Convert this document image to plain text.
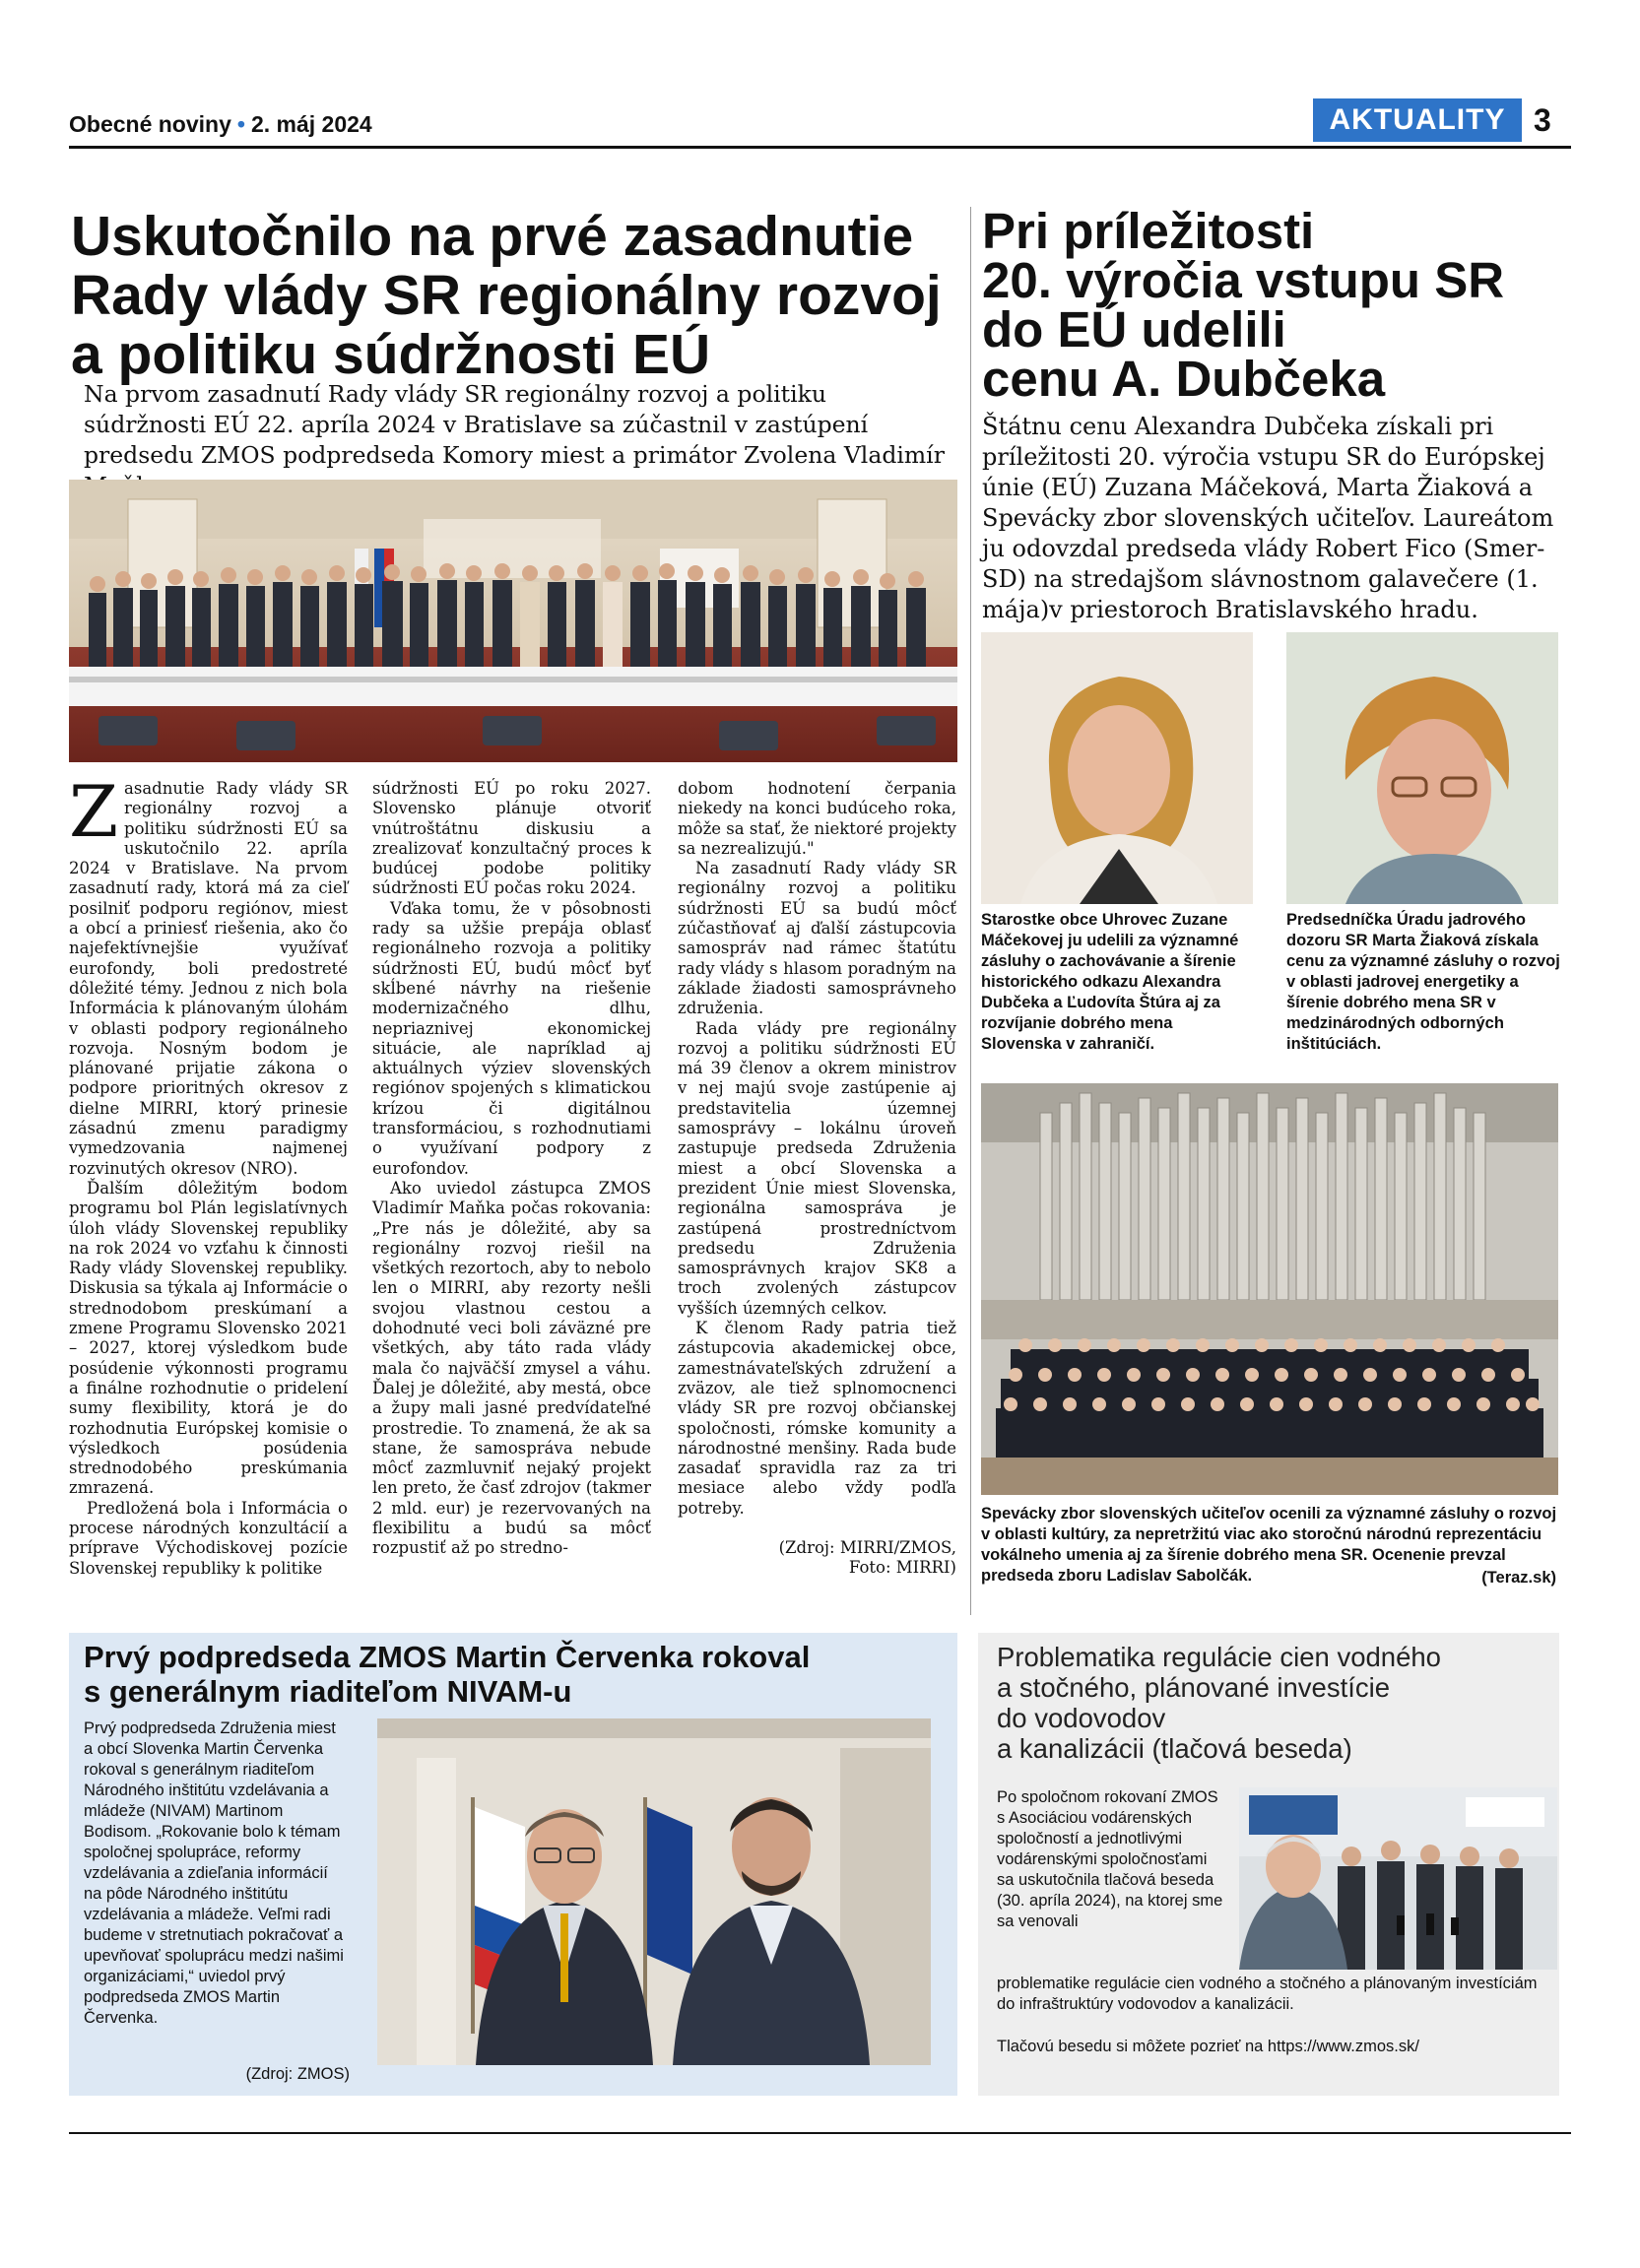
Obecné noviny • 2. máj 2024	AKTUALITY 3
Uskutočnilo na prvé zasadnutie
Rady vlády SR regionálny rozvoj
a politiku súdržnosti EÚ
Na prvom zasadnutí Rady vlády SR regionálny rozvoj a politiku súdržnosti EÚ 22. apríla 2024 v Bratislave sa zúčastnil v zastúpení predsedu ZMOS podpredseda Komory miest a primátor Zvolena Vladimír

Zasadnutie Rady vlády SR regionálny rozvoj a politiku súdržnosti EÚ sa uskutočnilo 22. apríla 2024 v Bratislave. Na prvom zasadnutí rady, ktorá má za cieľ posilniť podporu regiónov, miest a obcí a priniesť riešenia, ako čo najefektívnejšie využívať eurofondy, boli predostreté dôležité témy. Jednou z nich bola Informácia k plánovaným úlohám v oblasti podpory regionálneho rozvoja. Nosným bodom je plánované prijatie zákona o podpore prioritných okresov z dielne MIRRI, ktorý prinesie zásadnú zmenu paradigmy vymedzovania najmenej rozvinutých okresov (NRO).

Ďalším dôležitým bodom programu bol Plán legislatívnych úloh vlády Slovenskej republiky na rok 2024 vo vzťahu k činnosti Rady vlády Slovenskej republiky. Diskusia sa týkala aj Informácie o strednodobom preskúmaní a zmene Programu Slovensko 2021 – 2027, ktorej výsledkom bude posúdenie výkonnosti programu a finálne rozhodnutie o pridelení sumy flexibility, ktorá je do rozhodnutia Európskej komisie o výsledkoch posúdenia strednodobého preskúmania zmrazená.

Predložená bola i Informácia o procese národných konzultácií a príprave Východiskovej pozície Slovenskej republiky k politike

súdržnosti EÚ po roku 2027. Slovensko plánuje otvoriť vnútroštátnu diskusiu a zrealizovať konzultačný proces k budúcej podobe politiky súdržnosti EÚ počas roku 2024.

Vďaka tomu, že v pôsobnosti rady sa užšie prepája oblasť regionálneho rozvoja a politiky súdržnosti EÚ, budú môcť byť skĺbené návrhy na riešenie modernizačného dlhu, nepriaznivej ekonomickej situácie, ale napríklad aj aktuálnych výziev slovenských regiónov spojených s klimatickou krízou či digitálnou transformáciou, s rozhodnutiami o využívaní podpory z eurofondov.

Ako uviedol zástupca ZMOS Vladimír Maňka počas rokovania: „Pre nás je dôležité, aby sa regionálny rozvoj riešil na všetkých rezortoch, aby to nebolo len o MIRRI, aby rezorty nešli svojou vlastnou cestou a dohodnuté veci boli záväzné pre všetkých, aby táto rada vlády mala čo najväčší zmysel a váhu. Ďalej je dôležité, aby mestá, obce a župy mali jasné predvídateľné prostredie. To znamená, že ak sa stane, že samospráva nebude môcť zazmluvniť nejaký projekt len preto, že časť zdrojov (takmer 2 mld. eur) je rezervovaných na flexibilitu a budú sa môcť rozpustiť až po stredno-

dobom hodnotení čerpania niekedy na konci budúceho roka, môže sa stať, že niektoré projekty sa nezrealizujú."

Na zasadnutí Rady vlády SR regionálny rozvoj a politiku súdržnosti EÚ sa budú môcť zúčastňovať aj ďalší zástupcovia samospráv nad rámec štatútu rady vlády s hlasom poradným na základe žiadosti samosprávneho združenia.

Rada vlády pre regionálny rozvoj a politiku súdržnosti EÚ má 39 členov a okrem ministrov v nej majú svoje zastúpenie aj predstavitelia územnej samosprávy – lokálnu úroveň zastupuje predseda Združenia miest a obcí Slovenska a prezident Únie miest Slovenska, regionálna samospráva je zastúpená prostredníctvom predsedu Združenia samosprávnych krajov SK8 a troch zvolených zástupcov vyšších územných celkov.

K členom Rady patria tiež zástupcovia akademickej obce, zamestnávateľských združení a zväzov, ale tiež splnomocnenci vlády SR pre rozvoj občianskej spoločnosti, rómske komunity a národnostné menšiny. Rada bude zasadať spravidla raz za tri mesiace alebo vždy podľa potreby.

(Zdroj: MIRRI/ZMOS,
Foto: MIRRI)
Pri príležitosti
20. výročia vstupu SR
do EÚ udelili
cenu A. Dubčeka
Štátnu cenu Alexandra Dubčeka získali pri príležitosti 20. výročia vstupu SR do Európskej únie (EÚ) Zuzana Máčeková, Marta Žiaková a Spevácky zbor slovenských učiteľov. Laureátom ju odovzdal predseda vlády Robert Fico (Smer-SD) na stredajšom slávnostnom galavečere (1. mája)v priestoroch Bratislavského hradu.
Starostke obce Uhrovec Zuzane Máčekovej ju udelili za významné zásluhy o zachovávanie a šírenie historického odkazu Alexandra Dubčeka a Ľudovíta Štúra aj za rozvíjanie dobrého mena Slovenska v zahraničí.
Predsedníčka Úradu jadrového dozoru SR Marta Žiaková získala cenu za významné zásluhy o rozvoj v oblasti jadrovej energetiky a šírenie dobrého mena SR v medzinárodných odborných inštitúciách.
Spevácky zbor slovenských učiteľov ocenili za významné zásluhy o rozvoj v oblasti kultúry, za nepretržitú viac ako storočnú národnú reprezentáciu vokálneho umenia aj za šírenie dobrého mena SR. Ocenenie prevzal predseda zboru Ladislav Sabolčák.	(Teraz.sk)
Prvý podpredseda ZMOS Martin Červenka rokoval
s generálnym riaditeľom NIVAM-u
Prvý podpredseda Združenia miest a obcí Slovenka Martin Červenka rokoval s generálnym riaditeľom Národného inštitútu vzdelávania a mládeže (NIVAM) Martinom Bodisom. „Rokovanie bolo k témam spoločnej spolupráce, reformy vzdelávania a zdieľania informácií na pôde Národného inštitútu vzdelávania a mládeže. Veľmi radi budeme v stretnutiach pokračovať a upevňovať spoluprácu medzi našimi organizáciami,“ uviedol prvý podpredseda ZMOS Martin Červenka.
(Zdroj: ZMOS)
Problematika regulácie cien vodného
a stočného, plánované investície
do vodovodov
a kanalizácii (tlačová beseda)
Po spoločnom rokovaní ZMOS s Asociáciou vodárenských spoločností a jednotlivými vodárenskými spoločnosťami sa uskutočnila tlačová beseda (30. apríla 2024), na ktorej sme sa venovali
problematike regulácie cien vodného a stočného a plánovaným investíciám do infraštruktúry vodovodov a kanalizácii.
Tlačovú besedu si môžete pozrieť na https://www.zmos.sk/
